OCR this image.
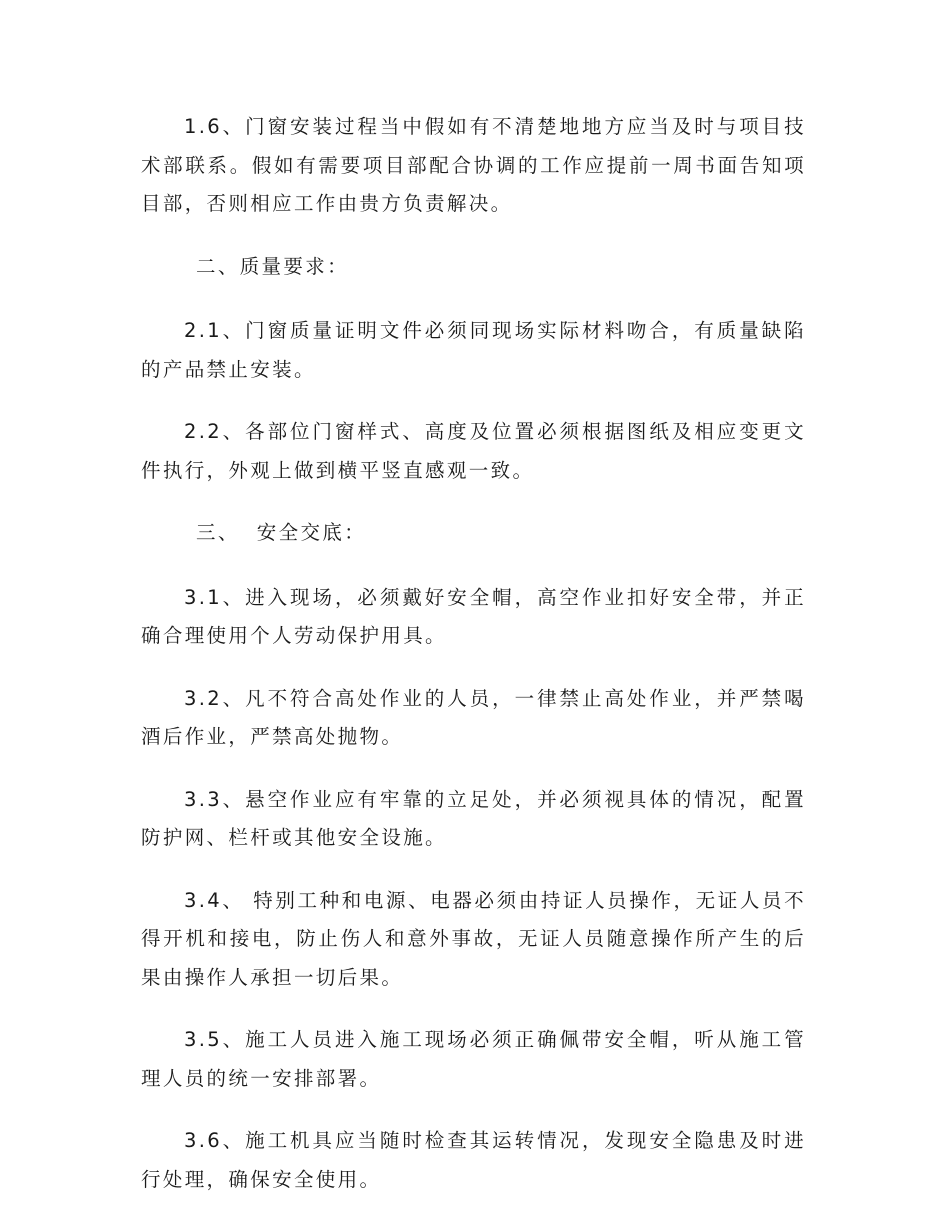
1.6、门窗安装过程当中假如有不清楚地地方应当及时与项目技术部联系。假如有需要项目部配合协调的工作应提前一周书面告知项目部，否则相应工作由贵方负责解决。

二、质量要求：

2.1、门窗质量证明文件必须同现场实际材料吻合，有质量缺陷的产品禁止安装。

2.2、各部位门窗样式、高度及位置必须根据图纸及相应变更文件执行，外观上做到横平竖直感观一致。

三、  安全交底：

3.1、进入现场，必须戴好安全帽，高空作业扣好安全带，并正确合理使用个人劳动保护用具。

3.2、凡不符合高处作业的人员，一律禁止高处作业，并严禁喝酒后作业，严禁高处抛物。

3.3、悬空作业应有牢靠的立足处，并必须视具体的情况，配置防护网、栏杆或其他安全设施。

3.4、 特别工种和电源、电器必须由持证人员操作，无证人员不得开机和接电，防止伤人和意外事故，无证人员随意操作所产生的后果由操作人承担一切后果。

3.5、施工人员进入施工现场必须正确佩带安全帽，听从施工管理人员的统一安排部署。

3.6、施工机具应当随时检查其运转情况，发现安全隐患及时进行处理，确保安全使用。
